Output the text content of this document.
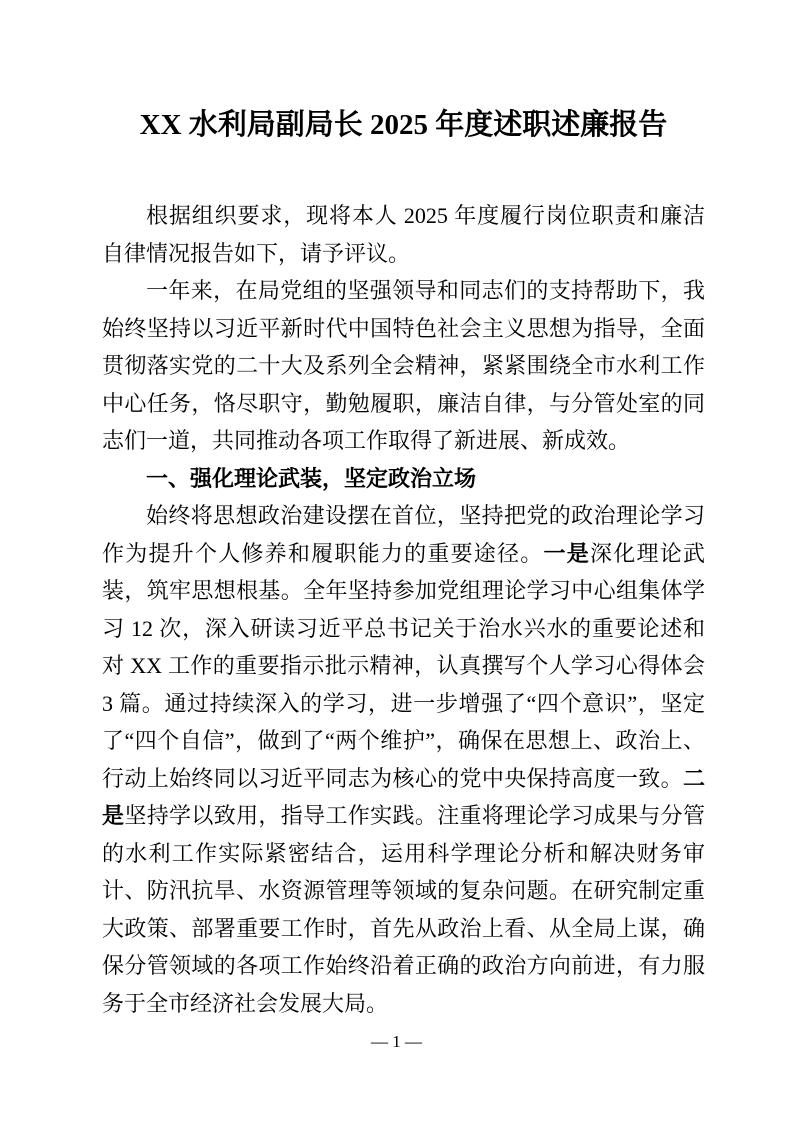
XX 水利局副局长 2025 年度述职述廉报告

根据组织要求，现将本人 2025 年度履行岗位职责和廉洁自律情况报告如下，请予评议。

一年来，在局党组的坚强领导和同志们的支持帮助下，我始终坚持以习近平新时代中国特色社会主义思想为指导，全面贯彻落实党的二十大及系列全会精神，紧紧围绕全市水利工作中心任务，恪尽职守，勤勉履职，廉洁自律，与分管处室的同志们一道，共同推动各项工作取得了新进展、新成效。

一、强化理论武装，坚定政治立场

始终将思想政治建设摆在首位，坚持把党的政治理论学习作为提升个人修养和履职能力的重要途径。一是深化理论武装，筑牢思想根基。全年坚持参加党组理论学习中心组集体学习 12 次，深入研读习近平总书记关于治水兴水的重要论述和对 XX 工作的重要指示批示精神，认真撰写个人学习心得体会 3 篇。通过持续深入的学习，进一步增强了“四个意识”，坚定了“四个自信”，做到了“两个维护”，确保在思想上、政治上、行动上始终同以习近平同志为核心的党中央保持高度一致。二是坚持学以致用，指导工作实践。注重将理论学习成果与分管的水利工作实际紧密结合，运用科学理论分析和解决财务审计、防汛抗旱、水资源管理等领域的复杂问题。在研究制定重大政策、部署重要工作时，首先从政治上看、从全局上谋，确保分管领域的各项工作始终沿着正确的政治方向前进，有力服务于全市经济社会发展大局。

— 1 —
